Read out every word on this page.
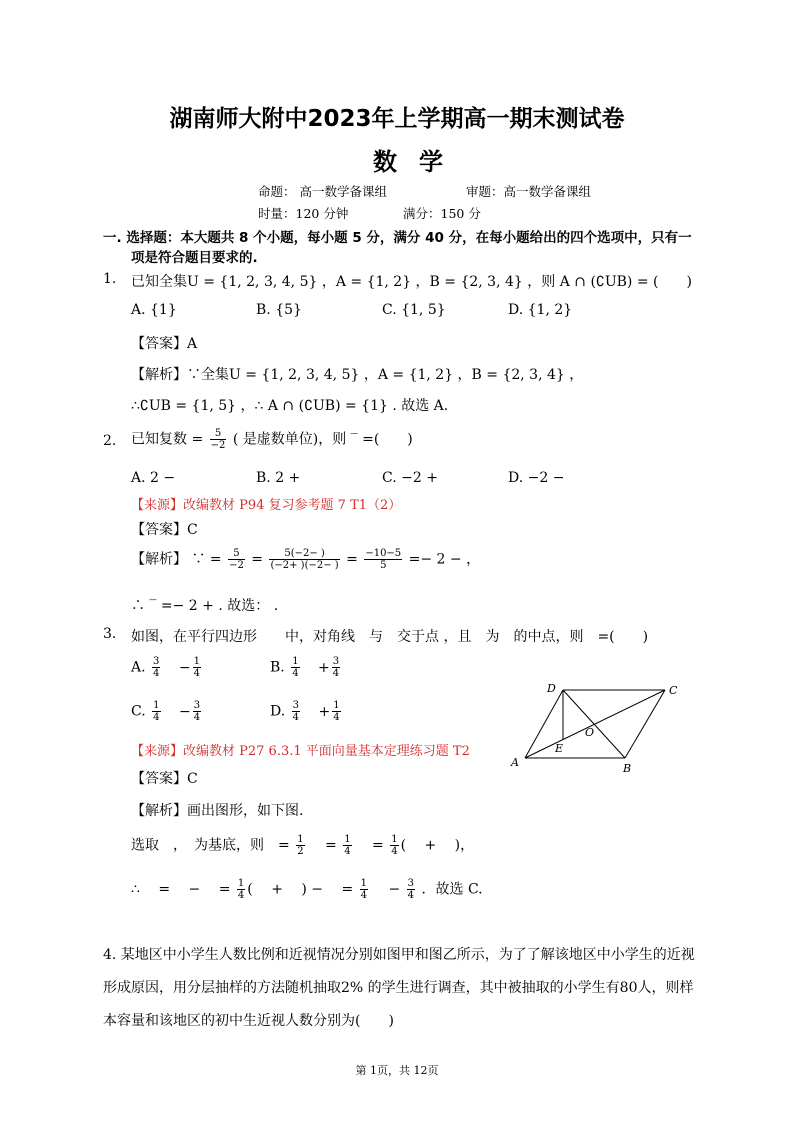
湖南师大附中2023年上学期高一期末测试卷
数学
命题： 高一数学备课组	审题：高一数学备课组
时量：120 分钟	满分：150 分
一. 选择题：本大题共 8 个小题，每小题 5 分，满分 40 分，在每小题给出的四个选项中，只有一
项是符合题目要求的.
1. 已知全集U = {1, 2, 3, 4, 5} ，A = {1, 2} ，B = {2, 3, 4} ，则 A ∩ (∁UB) = (　　)
A. {1}	B. {5}	C. {1, 5}	D. {1, 2}
【答案】A
【解析】∵全集U = {1, 2, 3, 4, 5} ，A = {1, 2} ，B = {2, 3, 4} ，
∴∁UB = {1, 5} ，∴ A ∩ (∁UB) = {1} . 故选 A.
2. 已知复数 = $\frac{5}{-2}$ ( 是虚数单位)，则 ‾ =(　　)
A. 2 −	B. 2 +	C. −2 +	D. −2 −
【来源】改编教材 P94 复习参考题 7 T1（2）
【答案】C
【解析】 ∵ = $\frac{5}{-2} = \frac{5(-2- )}{(-2+ )(-2- )} = \frac{-10-5}{5} =- 2$ − ，
∴ ‾ =− 2 + . 故选： .
3. 如图，在平行四边形　　中，对角线　与　交于点 ，且　为　的中点，则　=(　　)
A. $\frac{3}{4} - \frac{1}{4}$	B. $\frac{1}{4} + \frac{3}{4}$
C. $\frac{1}{4} - \frac{3}{4}$	D. $\frac{3}{4} + \frac{1}{4}$
【来源】改编教材 P27 6.3.1 平面向量基本定理练习题 T2
【答案】C
【解析】画出图形，如下图.
选取　，　为基底，则　= $\frac{1}{2}$ 　= $\frac{1}{4}$ 　= $\frac{1}{4}$ (　 +　 )，
∴　 =　 −　 = $\frac{1}{4}$ (　 +　 ) −　 = $\frac{1}{4}$ 　− $\frac{3}{4}$ ．故选 C.
D	C
O
E
A	B
4. 某地区中小学生人数比例和近视情况分别如图甲和图乙所示，为了了解该地区中小学生的近视
形成原因，用分层抽样的方法随机抽取2% 的学生进行调查，其中被抽取的小学生有80人，则样
本容量和该地区的初中生近视人数分别为(　　)
第 1页，共 12页
